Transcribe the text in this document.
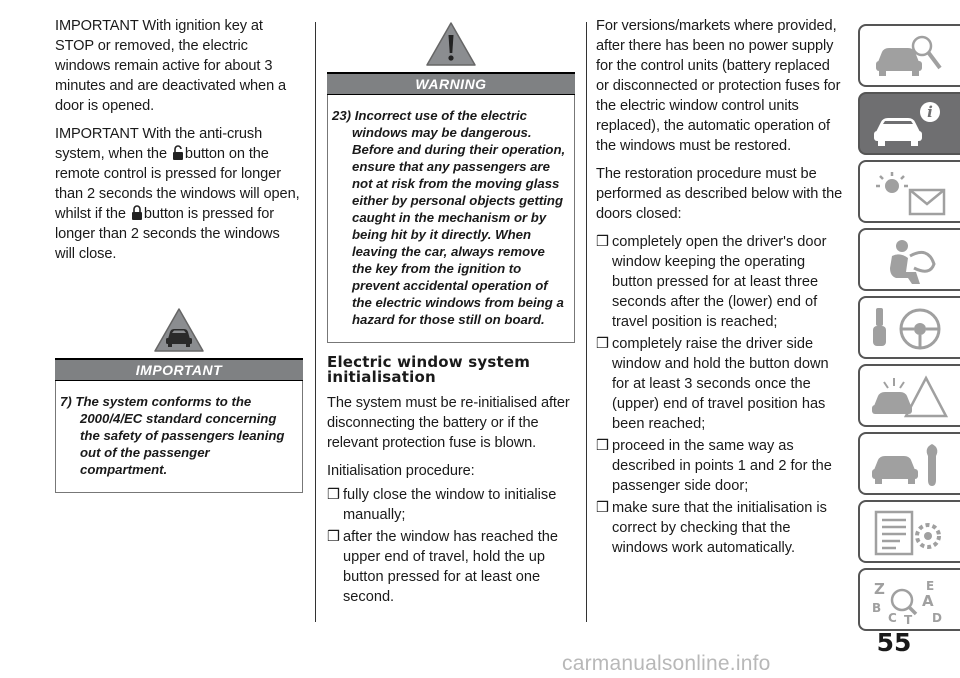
IMPORTANT With ignition key at STOP or removed, the electric windows remain active for about 3 minutes and are deactivated when a door is opened.

IMPORTANT With the anti-crush system, when the button on the remote control is pressed for longer than 2 seconds the windows will open, whilst if the button is pressed for longer than 2 seconds the windows will close.

IMPORTANT

7) The system conforms to the 2000/4/EC standard concerning the safety of passengers leaning out of the passenger compartment.

WARNING

23) Incorrect use of the electric windows may be dangerous. Before and during their operation, ensure that any passengers are not at risk from the moving glass either by personal objects getting caught in the mechanism or by being hit by it directly. When leaving the car, always remove the key from the ignition to prevent accidental operation of the electric windows from being a hazard for those still on board.

Electric window system initialisation

The system must be re-initialised after disconnecting the battery or if the relevant protection fuse is blown.

Initialisation procedure:

❒ fully close the window to initialise manually;
❒ after the window has reached the upper end of travel, hold the up button pressed for at least one second.

For versions/markets where provided, after there has been no power supply for the control units (battery replaced or disconnected or protection fuses for the electric window control units replaced), the automatic operation of the windows must be restored.

The restoration procedure must be performed as described below with the doors closed:

❒ completely open the driver's door window keeping the operating button pressed for at least three seconds after the (lower) end of travel position is reached;
❒ completely raise the driver side window and hold the button down for at least 3 seconds once the (upper) end of travel position has been reached;
❒ proceed in the same way as described in points 1 and 2 for the passenger side door;
❒ make sure that the initialisation is correct by checking that the windows work automatically.
i
Z	E
A
B
C	D
T
55
carmanualsonline.info
